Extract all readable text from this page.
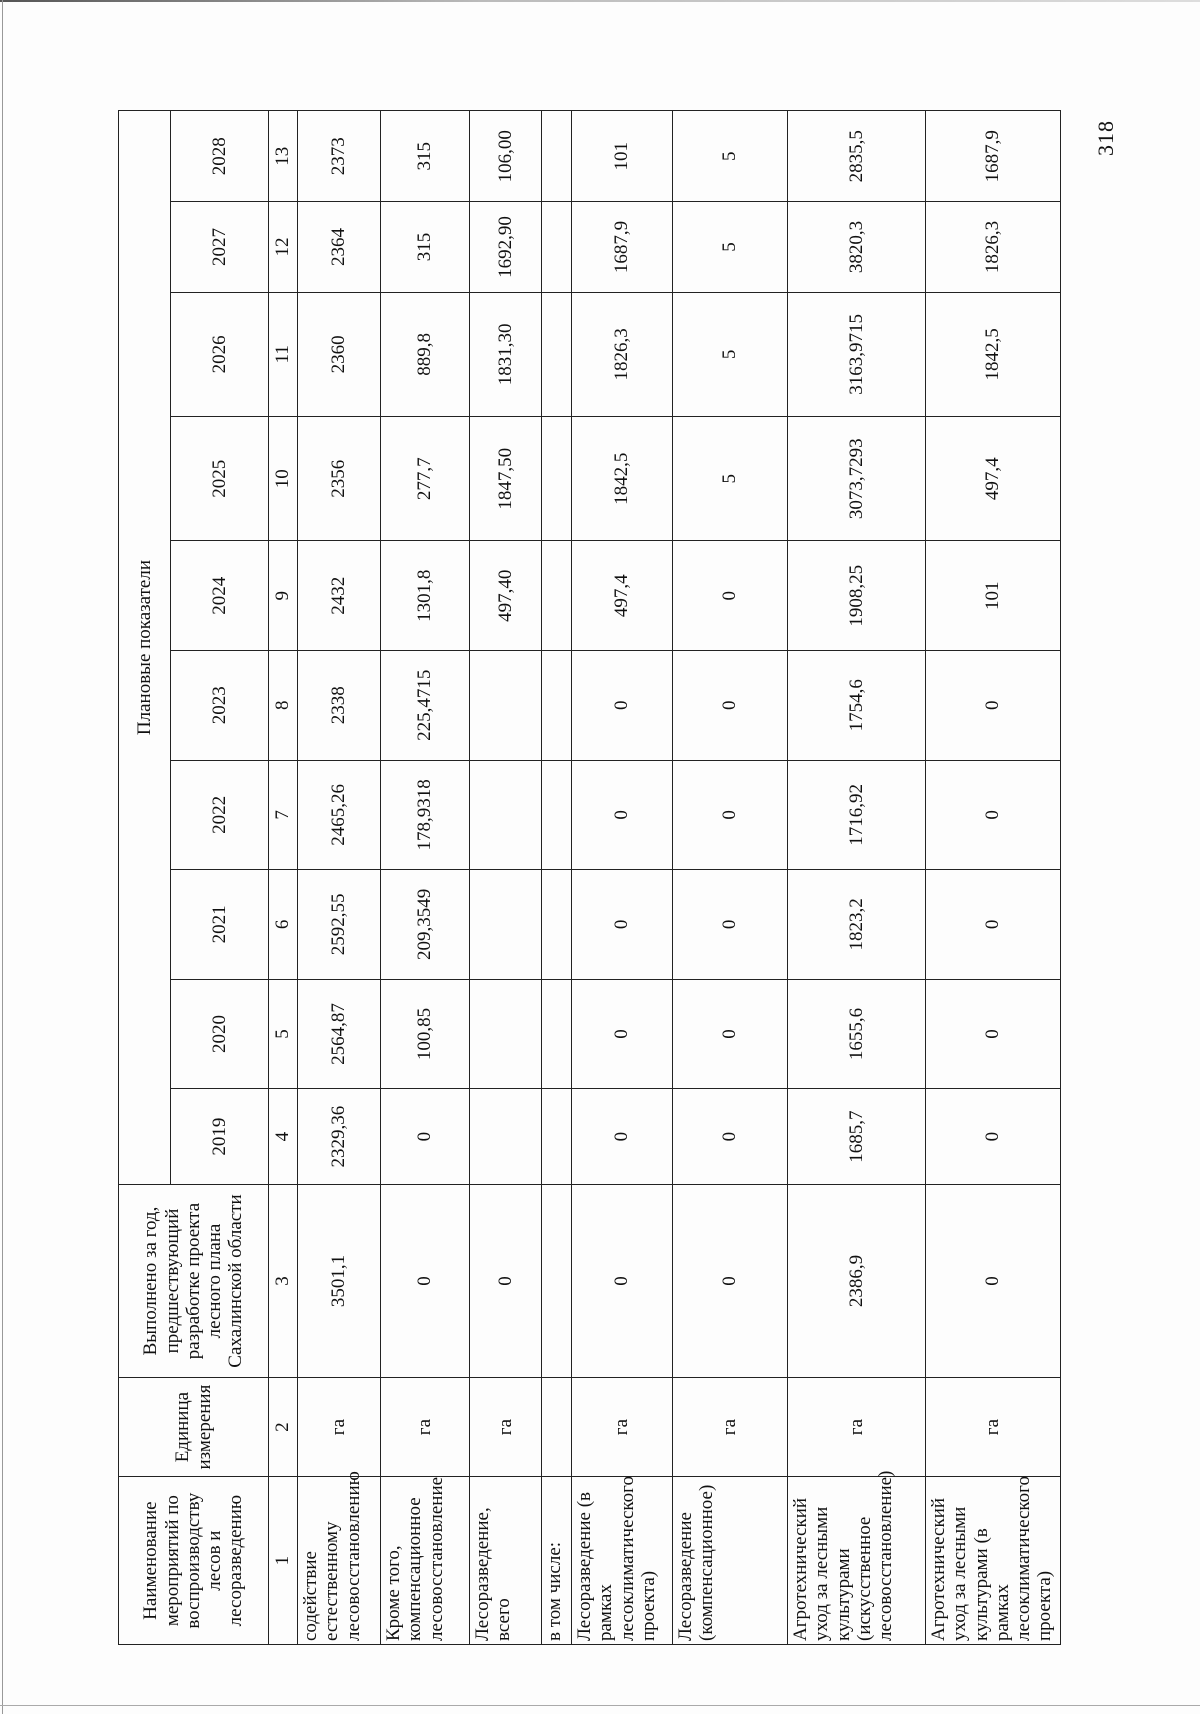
318
Наименование мероприятий по воспроизводству лесов и лесоразведению	Единица измерения	Выполнено за год, предшествующий разработке проекта лесного плана Сахалинской области	Плановые показатели									
			2019	2020	2021	2022	2023	2024	2025	2026	2027	2028
1	2	3	4	5	6	7	8	9	10	11	12	13
содействие естественному лесовосстановлению	га	3501,1	2329,36	2564,87	2592,55	2465,26	2338	2432	2356	2360	2364	2373
Кроме того, компенсационное лесовосстановление	га	0	0	100,85	209,3549	178,9318	225,4715	1301,8	277,7	889,8	315	315
Лесоразведение, всего	га	0						497,40	1847,50	1831,30	1692,90	106,00
в том числе:												
Лесоразведение (в рамках лесоклиматического проекта)	га	0	0	0	0	0	0	497,4	1842,5	1826,3	1687,9	101
Лесоразведение (компенсационное)	га	0	0	0	0	0	0	0	5	5	5	5
Агротехнический уход за лесными культурами (искусственное лесовосстановление)	га	2386,9	1685,7	1655,6	1823,2	1716,92	1754,6	1908,25	3073,7293	3163,9715	3820,3	2835,5
Агротехнический уход за лесными культурами (в рамках лесоклиматического проекта)	га	0	0	0	0	0	0	101	497,4	1842,5	1826,3	1687,9
